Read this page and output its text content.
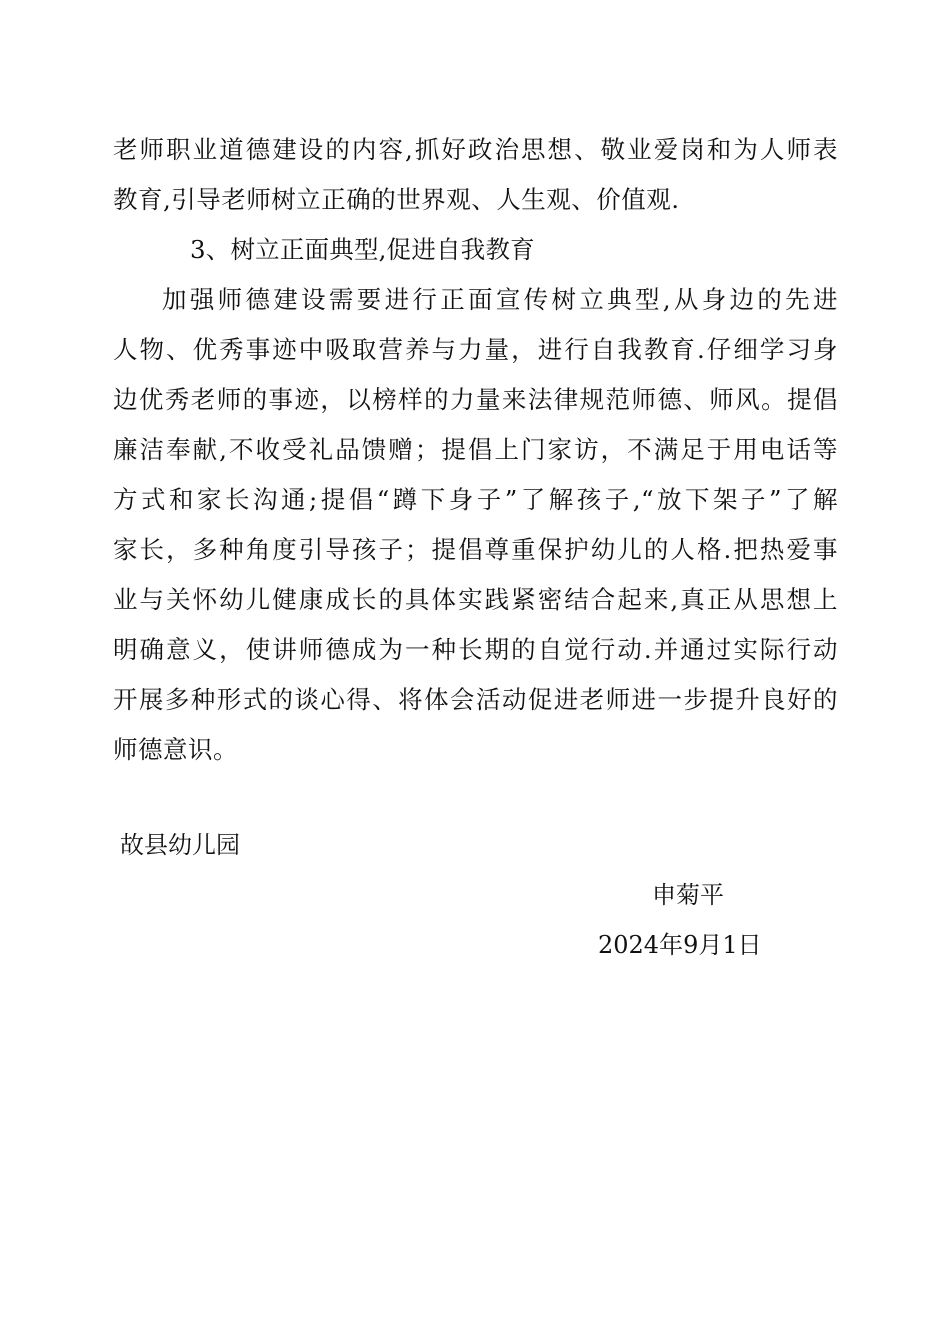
老师职业道德建设的内容,抓好政治思想、敬业爱岗和为人师表
教育,引导老师树立正确的世界观、人生观、价值观.
3、树立正面典型,促进自我教育
加强师德建设需要进行正面宣传树立典型,从身边的先进
人物、优秀事迹中吸取营养与力量，进行自我教育.仔细学习身
边优秀老师的事迹，以榜样的力量来法律规范师德、师风。提倡
廉洁奉献,不收受礼品馈赠；提倡上门家访，不满足于用电话等
方式和家长沟通;提倡“蹲下身子”了解孩子,“放下架子”了解
家长，多种角度引导孩子；提倡尊重保护幼儿的人格.把热爱事
业与关怀幼儿健康成长的具体实践紧密结合起来,真正从思想上
明确意义，使讲师德成为一种长期的自觉行动.并通过实际行动
开展多种形式的谈心得、将体会活动促进老师进一步提升良好的
师德意识。
故县幼儿园
申菊平
2024年9月1日
